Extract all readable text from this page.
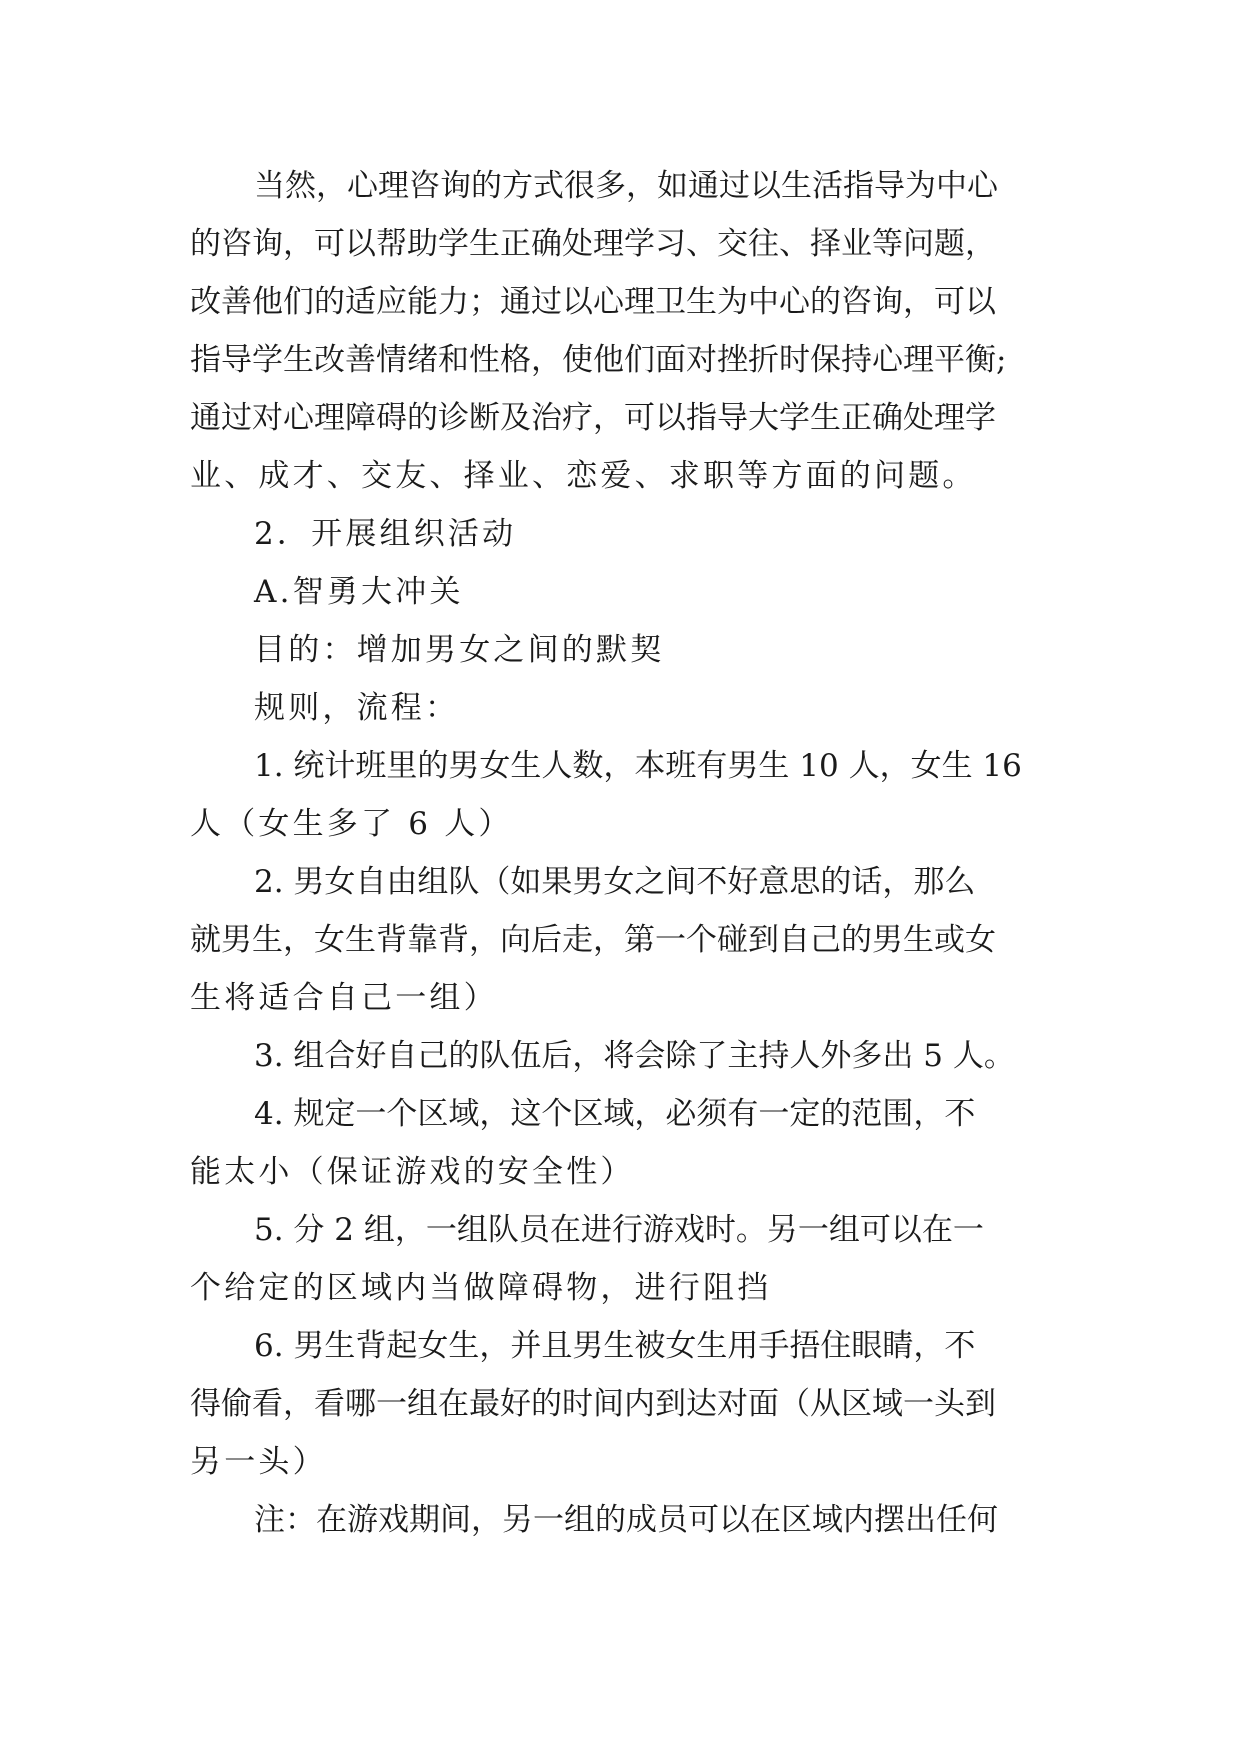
当然，心理咨询的方式很多，如通过以生活指导为中心
的咨询，可以帮助学生正确处理学习、交往、择业等问题，
改善他们的适应能力；通过以心理卫生为中心的咨询，可以
指导学生改善情绪和性格，使他们面对挫折时保持心理平衡;
通过对心理障碍的诊断及治疗，可以指导大学生正确处理学
业、成才、交友、择业、恋爱、求职等方面的问题。

2．开展组织活动

A.智勇大冲关

目的：增加男女之间的默契

规则，流程：

1. 统计班里的男女生人数，本班有男生 10 人，女生 16
人（女生多了 6 人）

2. 男女自由组队（如果男女之间不好意思的话，那么
就男生，女生背靠背，向后走，第一个碰到自己的男生或女
生将适合自己一组）

3. 组合好自己的队伍后，将会除了主持人外多出 5 人。

4. 规定一个区域，这个区域，必须有一定的范围，不
能太小（保证游戏的安全性）

5. 分 2 组，一组队员在进行游戏时。另一组可以在一
个给定的区域内当做障碍物，进行阻挡

6. 男生背起女生，并且男生被女生用手捂住眼睛，不
得偷看，看哪一组在最好的时间内到达对面（从区域一头到
另一头）

注：在游戏期间，另一组的成员可以在区域内摆出任何
